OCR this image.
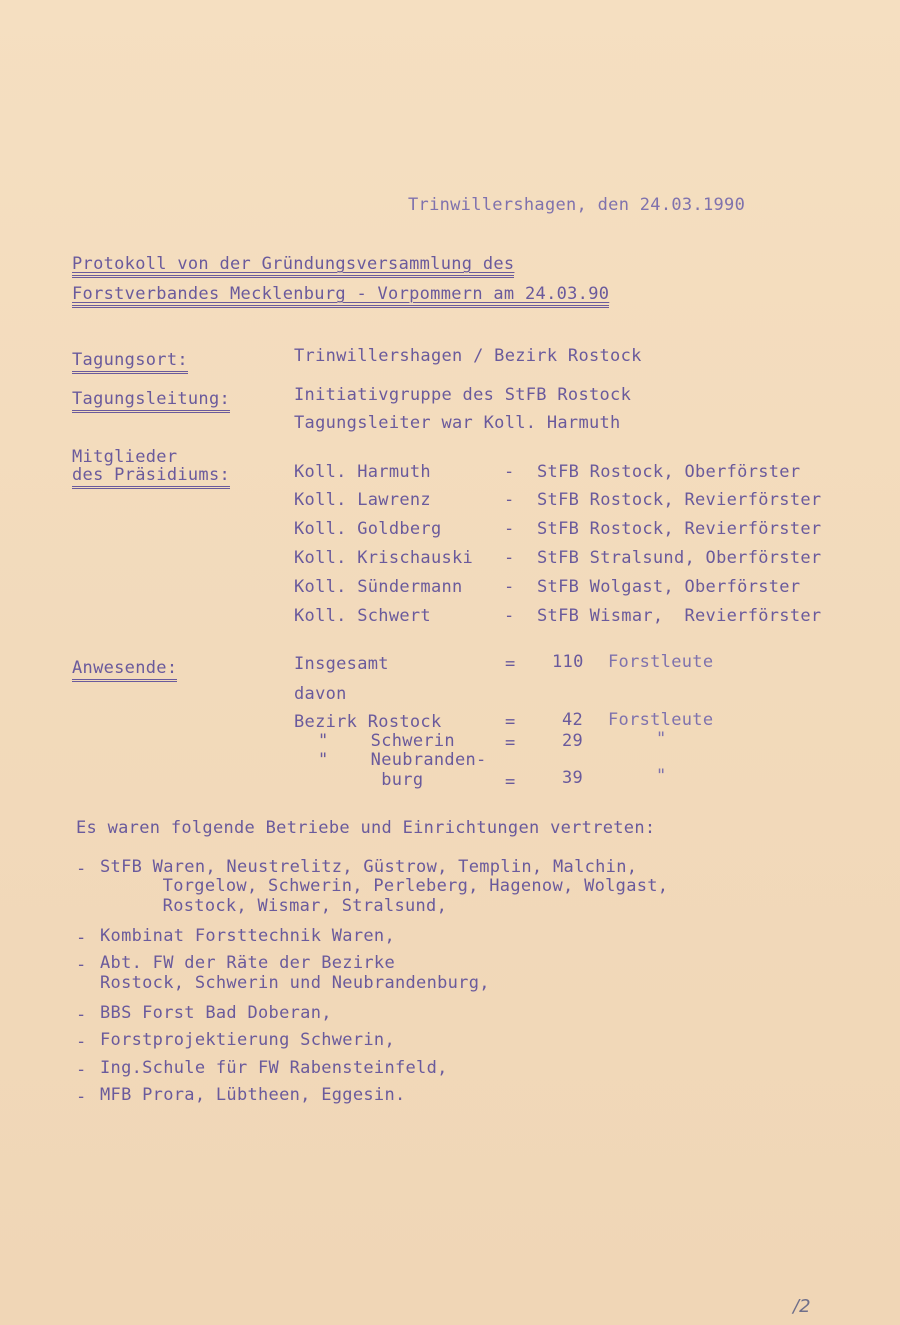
Trinwillershagen, den 24.03.1990
Protokoll von der Gründungsversammlung des
Forstverbandes Mecklenburg - Vorpommern am 24.03.90
Tagungsort:	Trinwillershagen / Bezirk Rostock
Tagungsleitung:	Initiativgruppe des StFB Rostock
Tagungsleiter war Koll. Harmuth
Mitglieder
des Präsidiums:	Koll. Harmuth	- StFB Rostock, Oberförster
Koll. Lawrenz	- StFB Rostock, Revierförster
Koll. Goldberg	- StFB Rostock, Revierförster
Koll. Krischauski - StFB Stralsund, Oberförster
Koll. Sündermann - StFB Wolgast, Oberförster
Koll. Schwert	- StFB Wismar,  Revierförster
Anwesende:	Insgesamt	= 110 Forstleute
davon
Bezirk Rostock	=	42 Forstleute
"    Schwerin	=	29	"
"    Neubranden-
burg	=	39	"
Es waren folgende Betriebe und Einrichtungen vertreten:
- StFB Waren, Neustrelitz, Güstrow, Templin, Malchin,
Torgelow, Schwerin, Perleberg, Hagenow, Wolgast,
Rostock, Wismar, Stralsund,
- Kombinat Forsttechnik Waren,
- Abt. FW der Räte der Bezirke
Rostock, Schwerin und Neubrandenburg,
- BBS Forst Bad Doberan,
- Forstprojektierung Schwerin,
- Ing.Schule für FW Rabensteinfeld,
- MFB Prora, Lübtheen, Eggesin.
/2
